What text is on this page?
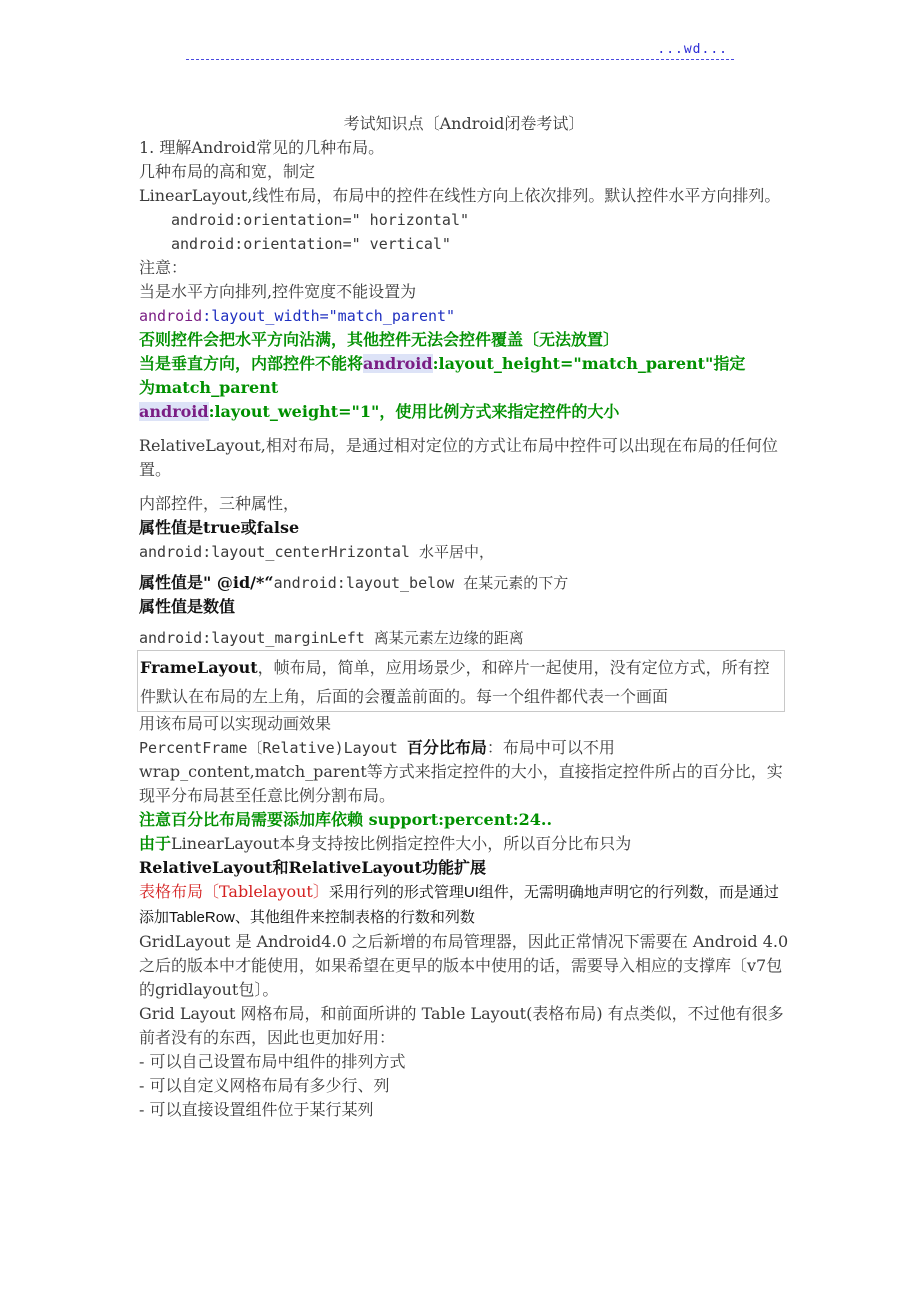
...wd...
考试知识点〔Android闭卷考试〕
1. 理解Android常见的几种布局。
几种布局的高和宽，制定
LinearLayout,线性布局，布局中的控件在线性方向上依次排列。默认控件水平方向排列。
android:orientation=" horizontal"
android:orientation=" vertical"
注意：
当是水平方向排列,控件宽度不能设置为
android:layout_width="match_parent"
否则控件会把水平方向沾满，其他控件无法会控件覆盖〔无法放置〕
当是垂直方向，内部控件不能将android:layout_height="match_parent"指定
为match_parent
android:layout_weight="1"，使用比例方式来指定控件的大小
RelativeLayout,相对布局，是通过相对定位的方式让布局中控件可以出现在布局的任何位置。
内部控件，三种属性，
属性值是true或false
android:layout_centerHrizontal 水平居中，
属性值是" @id/*“android:layout_below 在某元素的下方
属性值是数值
android:layout_marginLeft 离某元素左边缘的距离
FrameLayout，帧布局，简单，应用场景少，和碎片一起使用，没有定位方式，所有控件默认在布局的左上角，后面的会覆盖前面的。每一个组件都代表一个画面
用该布局可以实现动画效果
PercentFrame〔Relative)Layout 百分比布局：布局中可以不用wrap_content,match_parent等方式来指定控件的大小，直接指定控件所占的百分比，实现平分布局甚至任意比例分割布局。
注意百分比布局需要添加库依赖 support:percent:24..
由于LinearLayout本身支持按比例指定控件大小，所以百分比布只为
RelativeLayout和RelativeLayout功能扩展
表格布局〔Tablelayout〕采用行列的形式管理UI组件，无需明确地声明它的行列数，而是通过添加TableRow、其他组件来控制表格的行数和列数
GridLayout 是 Android4.0 之后新增的布局管理器，因此正常情况下需要在 Android 4.0 之后的版本中才能使用，如果希望在更早的版本中使用的话，需要导入相应的支撑库〔v7包的gridlayout包〕。
Grid Layout 网格布局，和前面所讲的 Table Layout(表格布局) 有点类似，不过他有很多前者没有的东西，因此也更加好用：
- 可以自己设置布局中组件的排列方式
- 可以自定义网格布局有多少行、列
- 可以直接设置组件位于某行某列
